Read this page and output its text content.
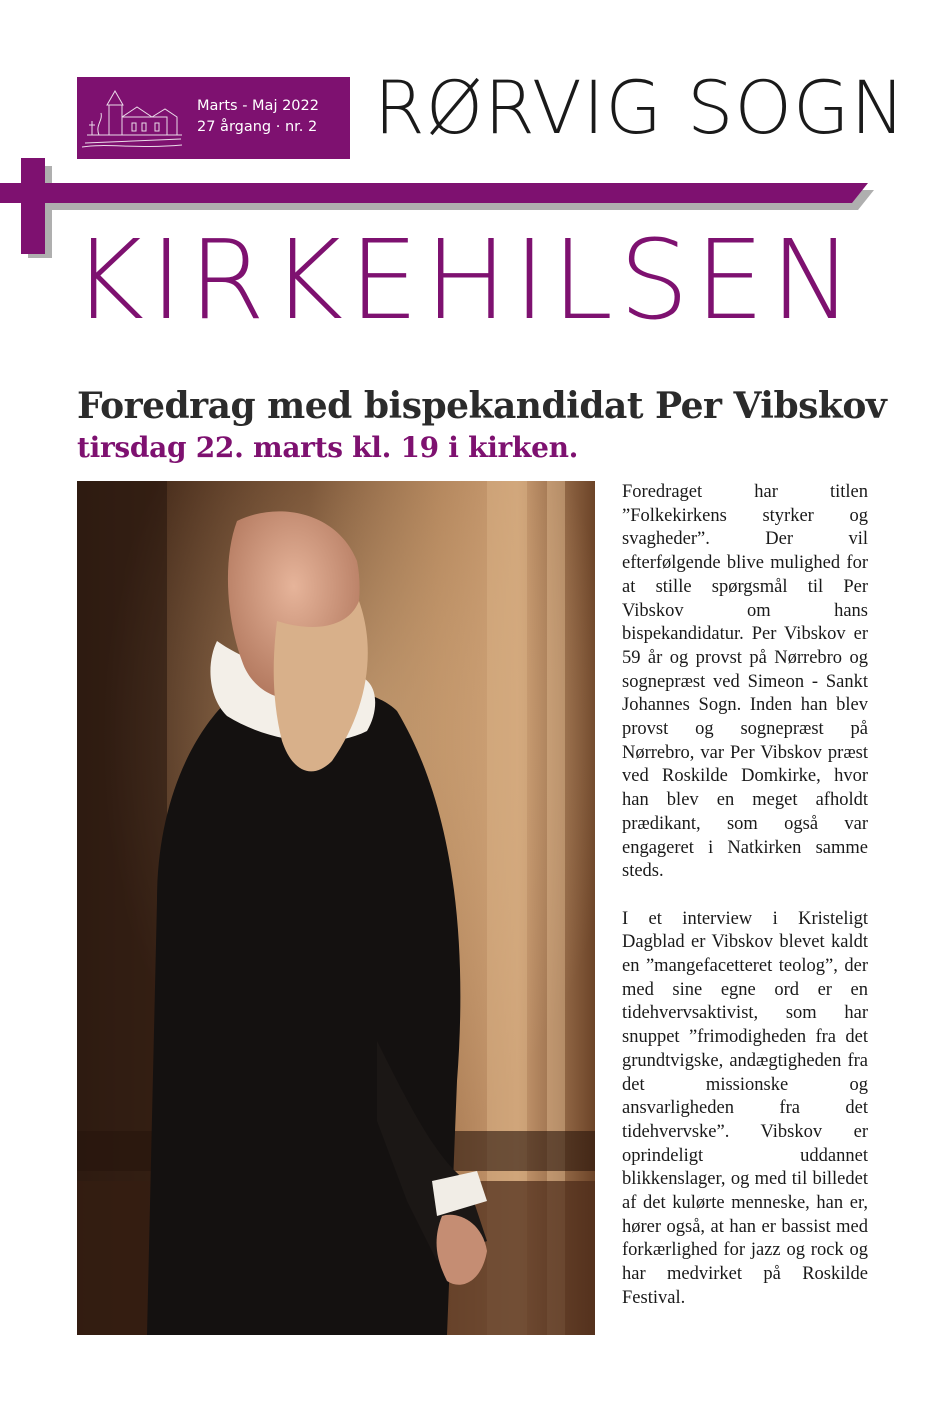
Marts - Maj 2022
27 årgang · nr. 2 RØRVIG SOGN
KIRKEHILSEN
Foredrag med bispekandidat Per Vibskov
tirsdag 22. marts kl. 19 i kirken.

Foredraget har titlen ”Folkekirkens styrker og svagheder”. Der vil efterfølgende blive mulighed for at stille spørgsmål til Per Vibskov om hans bispekandidatur. Per Vibskov er 59 år og provst på Nørrebro og sognepræst ved Simeon - Sankt Johannes Sogn. Inden han blev provst og sognepræst på Nørrebro, var Per Vibskov præst ved Roskilde Domkirke, hvor han blev en meget afholdt prædikant, som også var engageret i Natkirken samme steds.

I et interview i Kristeligt Dagblad er Vibskov blevet kaldt en ”mangefacetteret teolog”, der med sine egne ord er en tidehvervsaktivist, som har snuppet ”frimodigheden fra det grundtvigske, andægtigheden fra det missionske og ansvarligheden fra det tidehvervske”. Vibskov er oprindeligt uddannet blikkenslager, og med til billedet af det kulørte menneske, han er, hører også, at han er bassist med forkærlighed for jazz og rock og har medvirket på Roskilde Festival.
